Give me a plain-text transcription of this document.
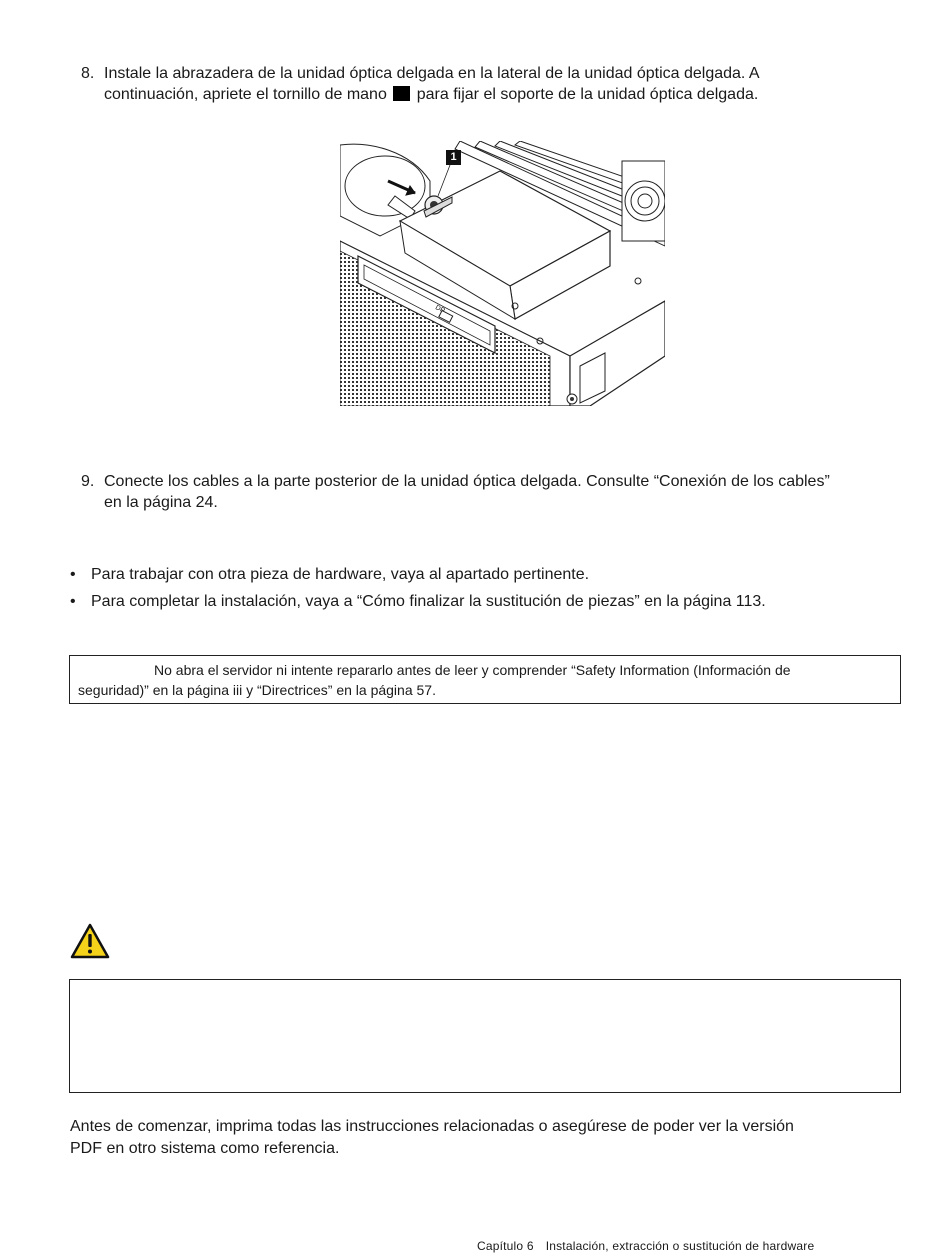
8. Instale la abrazadera de la unidad óptica delgada en la lateral de la unidad óptica delgada. A
continuación, apriete el tornillo de mano para fijar el soporte de la unidad óptica delgada.
1
DP
9. Conecte los cables a la parte posterior de la unidad óptica delgada. Consulte “Conexión de los cables”
en la página 24.
• Para trabajar con otra pieza de hardware, vaya al apartado pertinente.
• Para completar la instalación, vaya a “Cómo finalizar la sustitución de piezas” en la página 113.
No abra el servidor ni intente repararlo antes de leer y comprender “Safety Information (Información de
seguridad)” en la página iii y “Directrices” en la página 57.
Antes de comenzar, imprima todas las instrucciones relacionadas o asegúrese de poder ver la versión
PDF en otro sistema como referencia.
Capítulo 6 Instalación, extracción o sustitución de hardware
